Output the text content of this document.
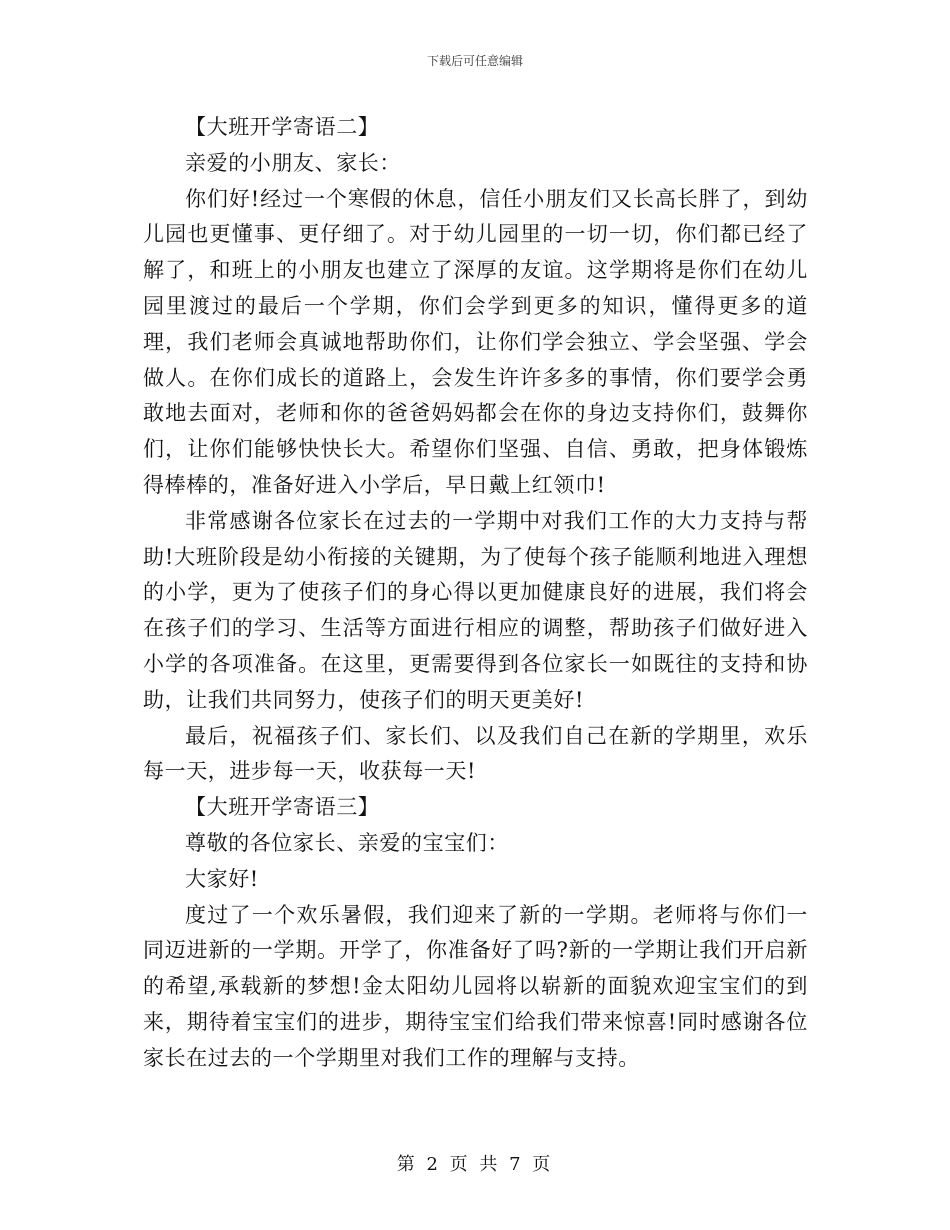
下载后可任意编辑

【大班开学寄语二】

亲爱的小朋友、家长：

你们好!经过一个寒假的休息，信任小朋友们又长高长胖了，到幼儿园也更懂事、更仔细了。对于幼儿园里的一切一切，你们都已经了解了，和班上的小朋友也建立了深厚的友谊。这学期将是你们在幼儿园里渡过的最后一个学期，你们会学到更多的知识，懂得更多的道理，我们老师会真诚地帮助你们，让你们学会独立、学会坚强、学会做人。在你们成长的道路上，会发生许许多多的事情，你们要学会勇敢地去面对，老师和你的爸爸妈妈都会在你的身边支持你们，鼓舞你们，让你们能够快快长大。希望你们坚强、自信、勇敢，把身体锻炼得棒棒的，准备好进入小学后，早日戴上红领巾!

非常感谢各位家长在过去的一学期中对我们工作的大力支持与帮助!大班阶段是幼小衔接的关键期，为了使每个孩子能顺利地进入理想的小学，更为了使孩子们的身心得以更加健康良好的进展，我们将会在孩子们的学习、生活等方面进行相应的调整，帮助孩子们做好进入小学的各项准备。在这里，更需要得到各位家长一如既往的支持和协助，让我们共同努力，使孩子们的明天更美好!

最后，祝福孩子们、家长们、以及我们自己在新的学期里，欢乐每一天，进步每一天，收获每一天!

【大班开学寄语三】

尊敬的各位家长、亲爱的宝宝们：

大家好!

度过了一个欢乐暑假，我们迎来了新的一学期。老师将与你们一同迈进新的一学期。开学了，你准备好了吗?新的一学期让我们开启新的希望,承载新的梦想!金太阳幼儿园将以崭新的面貌欢迎宝宝们的到来，期待着宝宝们的进步，期待宝宝们给我们带来惊喜!同时感谢各位家长在过去的一个学期里对我们工作的理解与支持。

第 2 页 共 7 页
